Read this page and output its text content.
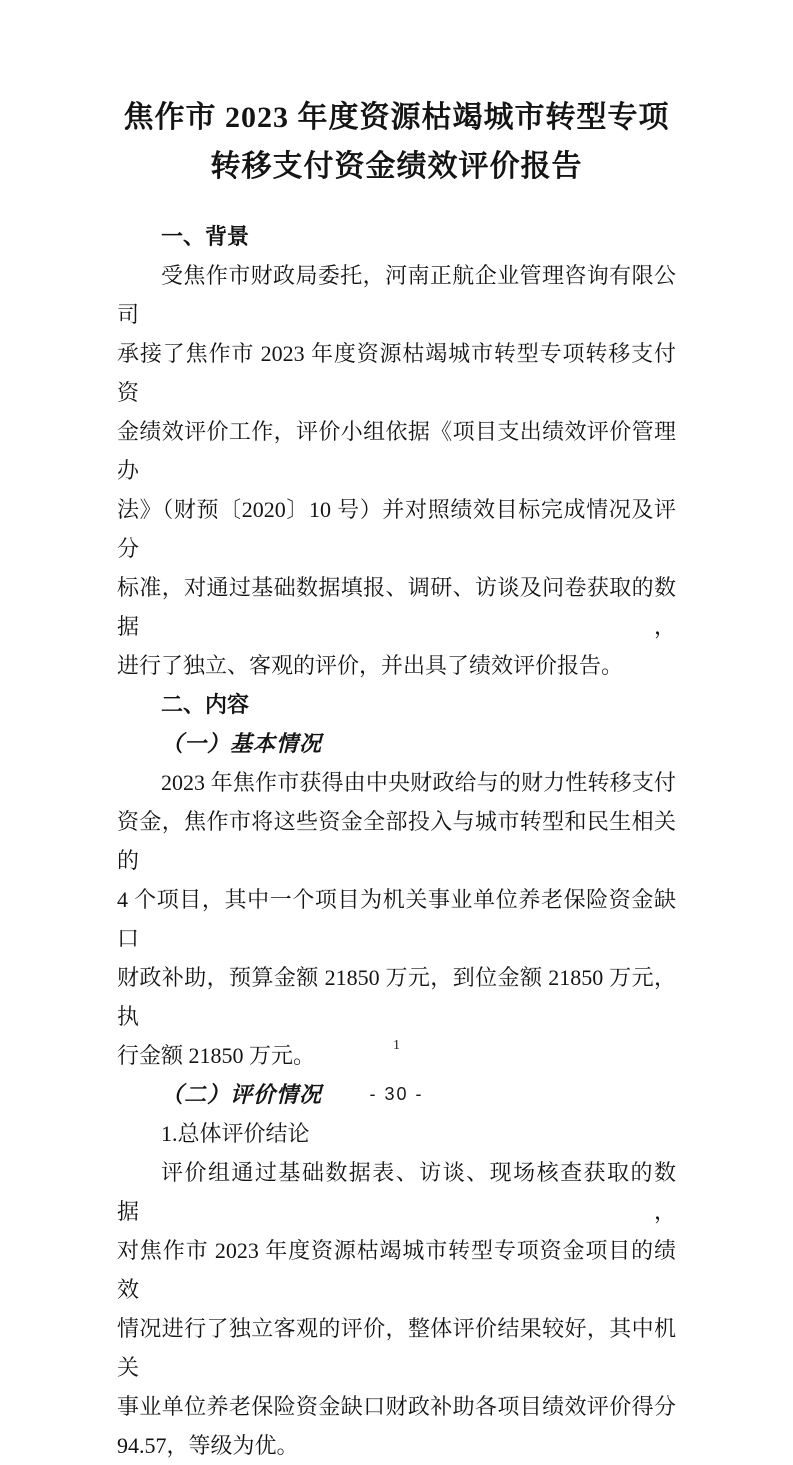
焦作市 2023 年度资源枯竭城市转型专项
转移支付资金绩效评价报告
一、背景
受焦作市财政局委托，河南正航企业管理咨询有限公司
承接了焦作市 2023 年度资源枯竭城市转型专项转移支付资
金绩效评价工作，评价小组依据《项目支出绩效评价管理办
法》（财预〔2020〕10 号）并对照绩效目标完成情况及评分
标准，对通过基础数据填报、调研、访谈及问卷获取的数据，
进行了独立、客观的评价，并出具了绩效评价报告。
二、内容
（一）基本情况
2023 年焦作市获得由中央财政给与的财力性转移支付
资金，焦作市将这些资金全部投入与城市转型和民生相关的
4 个项目，其中一个项目为机关事业单位养老保险资金缺口
财政补助，预算金额 21850 万元，到位金额 21850 万元，执
行金额 21850 万元。
（二）评价情况
1.总体评价结论
评价组通过基础数据表、访谈、现场核查获取的数据，
对焦作市 2023 年度资源枯竭城市转型专项资金项目的绩效
情况进行了独立客观的评价，整体评价结果较好，其中机关
事业单位养老保险资金缺口财政补助各项目绩效评价得分
94.57，等级为优。
1
- 30 -
